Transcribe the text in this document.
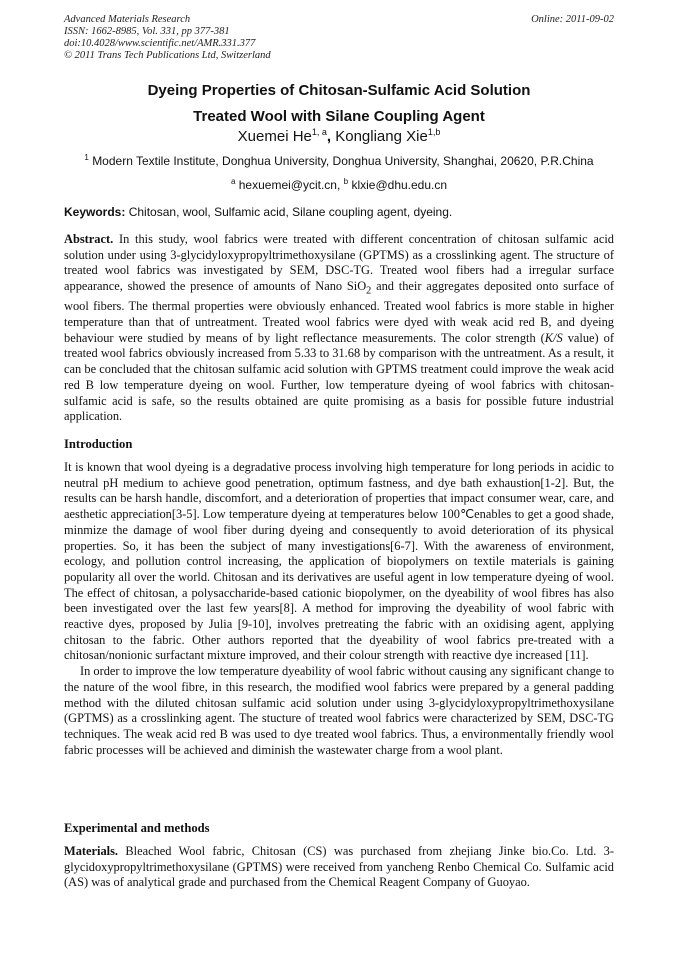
Advanced Materials Research
ISSN: 1662-8985, Vol. 331, pp 377-381
doi:10.4028/www.scientific.net/AMR.331.377
© 2011 Trans Tech Publications Ltd, Switzerland
Online: 2011-09-02
Dyeing Properties of Chitosan-Sulfamic Acid Solution
Treated Wool with Silane Coupling Agent
Xuemei He$^{1, a}$, Kongliang Xie$^{1,b}$
$^1$ Modern Textile Institute, Donghua University, Donghua University, Shanghai, 20620, P.R.China
$^a$ hexuemei@ycit.cn, $^b$ klxie@dhu.edu.cn
Keywords: Chitosan, wool, Sulfamic acid, Silane coupling agent, dyeing.

Abstract. In this study, wool fabrics were treated with different concentration of chitosan sulfamic acid solution under using 3-glycidyloxypropyltrimethoxysilane (GPTMS) as a crosslinking agent. The structure of treated wool fabrics was investigated by SEM, DSC-TG. Treated wool fibers had a irregular surface appearance, showed the presence of amounts of Nano SiO$_2$ and their aggregates deposited onto surface of wool fibers. The thermal properties were obviously enhanced. Treated wool fabrics is more stable in higher temperature than that of untreatment. Treated wool fabrics were dyed with weak acid red B, and dyeing behaviour were studied by means of by light reflectance measurements. The color strength (K/S value) of treated wool fabrics obviously increased from 5.33 to 31.68 by comparison with the untreatment. As a result, it can be concluded that the chitosan sulfamic acid solution with GPTMS treatment could improve the weak acid red B low temperature dyeing on wool. Further, low temperature dyeing of wool fabrics with chitosan-sulfamic acid is safe, so the results obtained are quite promising as a basis for possible future industrial application.

Introduction

It is known that wool dyeing is a degradative process involving high temperature for long periods in acidic to neutral pH medium to achieve good penetration, optimum fastness, and dye bath exhaustion[1-2]. But, the results can be harsh handle, discomfort, and a deterioration of properties that impact consumer wear, care, and aesthetic appreciation[3-5]. Low temperature dyeing at temperatures below 100℃enables to get a good shade, minmize the damage of wool fiber during dyeing and consequently to avoid deterioration of its physical properties. So, it has been the subject of many investigations[6-7]. With the awareness of environment, ecology, and pollution control increasing, the application of biopolymers on textile materials is gaining popularity all over the world. Chitosan and its derivatives are useful agent in low temperature dyeing of wool. The effect of chitosan, a polysaccharide-based cationic biopolymer, on the dyeability of wool fibres has also been investigated over the last few years[8]. A method for improving the dyeability of wool fabric with reactive dyes, proposed by Julia [9-10], involves pretreating the fabric with an oxidising agent, applying chitosan to the fabric. Other authors reported that the dyeability of wool fabrics pre-treated with a chitosan/nonionic surfactant mixture improved, and their colour strength with reactive dye increased [11].

In order to improve the low temperature dyeability of wool fabric without causing any significant change to the nature of the wool fibre, in this research, the modified wool fabrics were prepared by a general padding method with the diluted chitosan sulfamic acid solution under using 3-glycidyloxypropyltrimethoxysilane (GPTMS) as a crosslinking agent. The stucture of treated wool fabrics were characterized by SEM, DSC-TG techniques. The weak acid red B was used to dye treated wool fabrics. Thus, a environmentally friendly wool fabric processes will be achieved and diminish the wastewater charge from a wool plant.

Experimental and methods

Materials. Bleached Wool fabric, Chitosan (CS) was purchased from zhejiang Jinke bio.Co. Ltd. 3-glycidoxypropyltrimethoxysilane (GPTMS) were received from yancheng Renbo Chemical Co. Sulfamic acid (AS) was of analytical grade and purchased from the Chemical Reagent Company of Guoyao.
